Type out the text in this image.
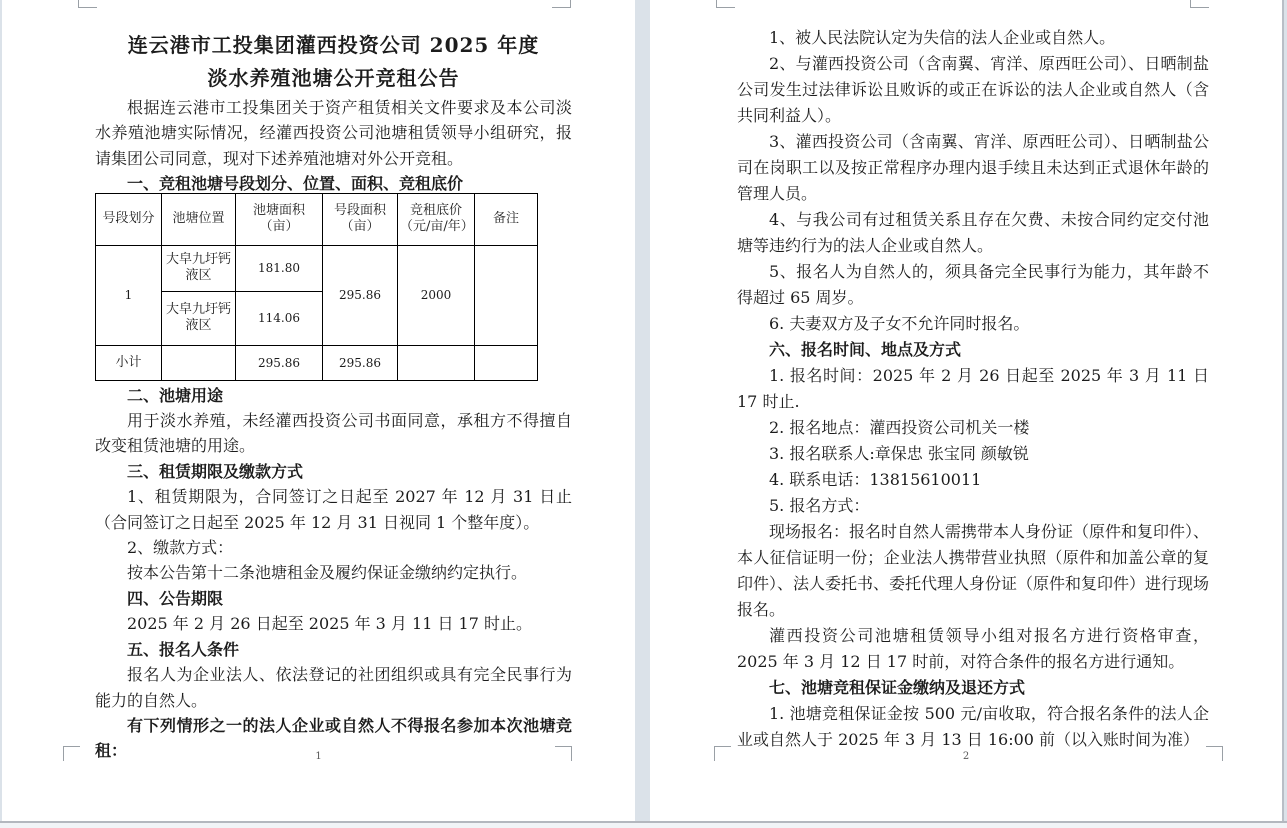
连云港市工投集团灌西投资公司 2025 年度

淡水养殖池塘公开竞租公告

根据连云港市工投集团关于资产租赁相关文件要求及本公司淡水养殖池塘实际情况，经灌西投资公司池塘租赁领导小组研究，报请集团公司同意，现对下述养殖池塘对外公开竞租。

一、竞租池塘号段划分、位置、面积、竞租底价

号段划分	池塘位置	池塘面积（亩）	号段面积（亩）	竞租底价（元/亩/年）	备注
1	大皁九圩钙液区	181.80	295.86	2000	
	大皁九圩钙液区	114.06			
小计		295.86	295.86		

二、池塘用途

用于淡水养殖，未经灌西投资公司书面同意，承租方不得擅自改变租赁池塘的用途。

三、租赁期限及缴款方式

1、租赁期限为，合同签订之日起至 2027 年 12 月 31 日止（合同签订之日起至 2025 年 12 月 31 日视同 1 个整年度）。

2、缴款方式：

按本公告第十二条池塘租金及履约保证金缴纳约定执行。

四、公告期限

2025 年 2 月 26 日起至 2025 年 3 月 11 日 17 时止。

五、报名人条件

报名人为企业法人、依法登记的社团组织或具有完全民事行为能力的自然人。

有下列情形之一的法人企业或自然人不得报名参加本次池塘竞租：	1

1、被人民法院认定为失信的法人企业或自然人。

2、与灌西投资公司（含南翼、宵洋、原西旺公司）、日晒制盐公司发生过法律诉讼且败诉的或正在诉讼的法人企业或自然人（含共同利益人）。

3、灌西投资公司（含南翼、宵洋、原西旺公司）、日晒制盐公司在岗职工以及按正常程序办理内退手续且未达到正式退休年龄的管理人员。

4、与我公司有过租赁关系且存在欠费、未按合同约定交付池塘等违约行为的法人企业或自然人。

5、报名人为自然人的，须具备完全民事行为能力，其年龄不得超过 65 周岁。

6. 夫妻双方及子女不允许同时报名。

六、报名时间、地点及方式

1. 报名时间：2025 年 2 月 26 日起至 2025 年 3 月 11 日 17 时止.

2. 报名地点：灌西投资公司机关一楼

3. 报名联系人:章保忠 张宝同 颜敏锐

4. 联系电话：13815610011

5. 报名方式：

现场报名：报名时自然人需携带本人身份证（原件和复印件）、本人征信证明一份；企业法人携带营业执照（原件和加盖公章的复印件）、法人委托书、委托代理人身份证（原件和复印件）进行现场报名。

灌西投资公司池塘租赁领导小组对报名方进行资格审查，2025 年 3 月 12 日 17 时前，对符合条件的报名方进行通知。

七、池塘竞租保证金缴纳及退还方式

1. 池塘竞租保证金按 500 元/亩收取，符合报名条件的法人企业或自然人于 2025 年 3 月 13 日 16:00 前（以入账时间为准）

2
